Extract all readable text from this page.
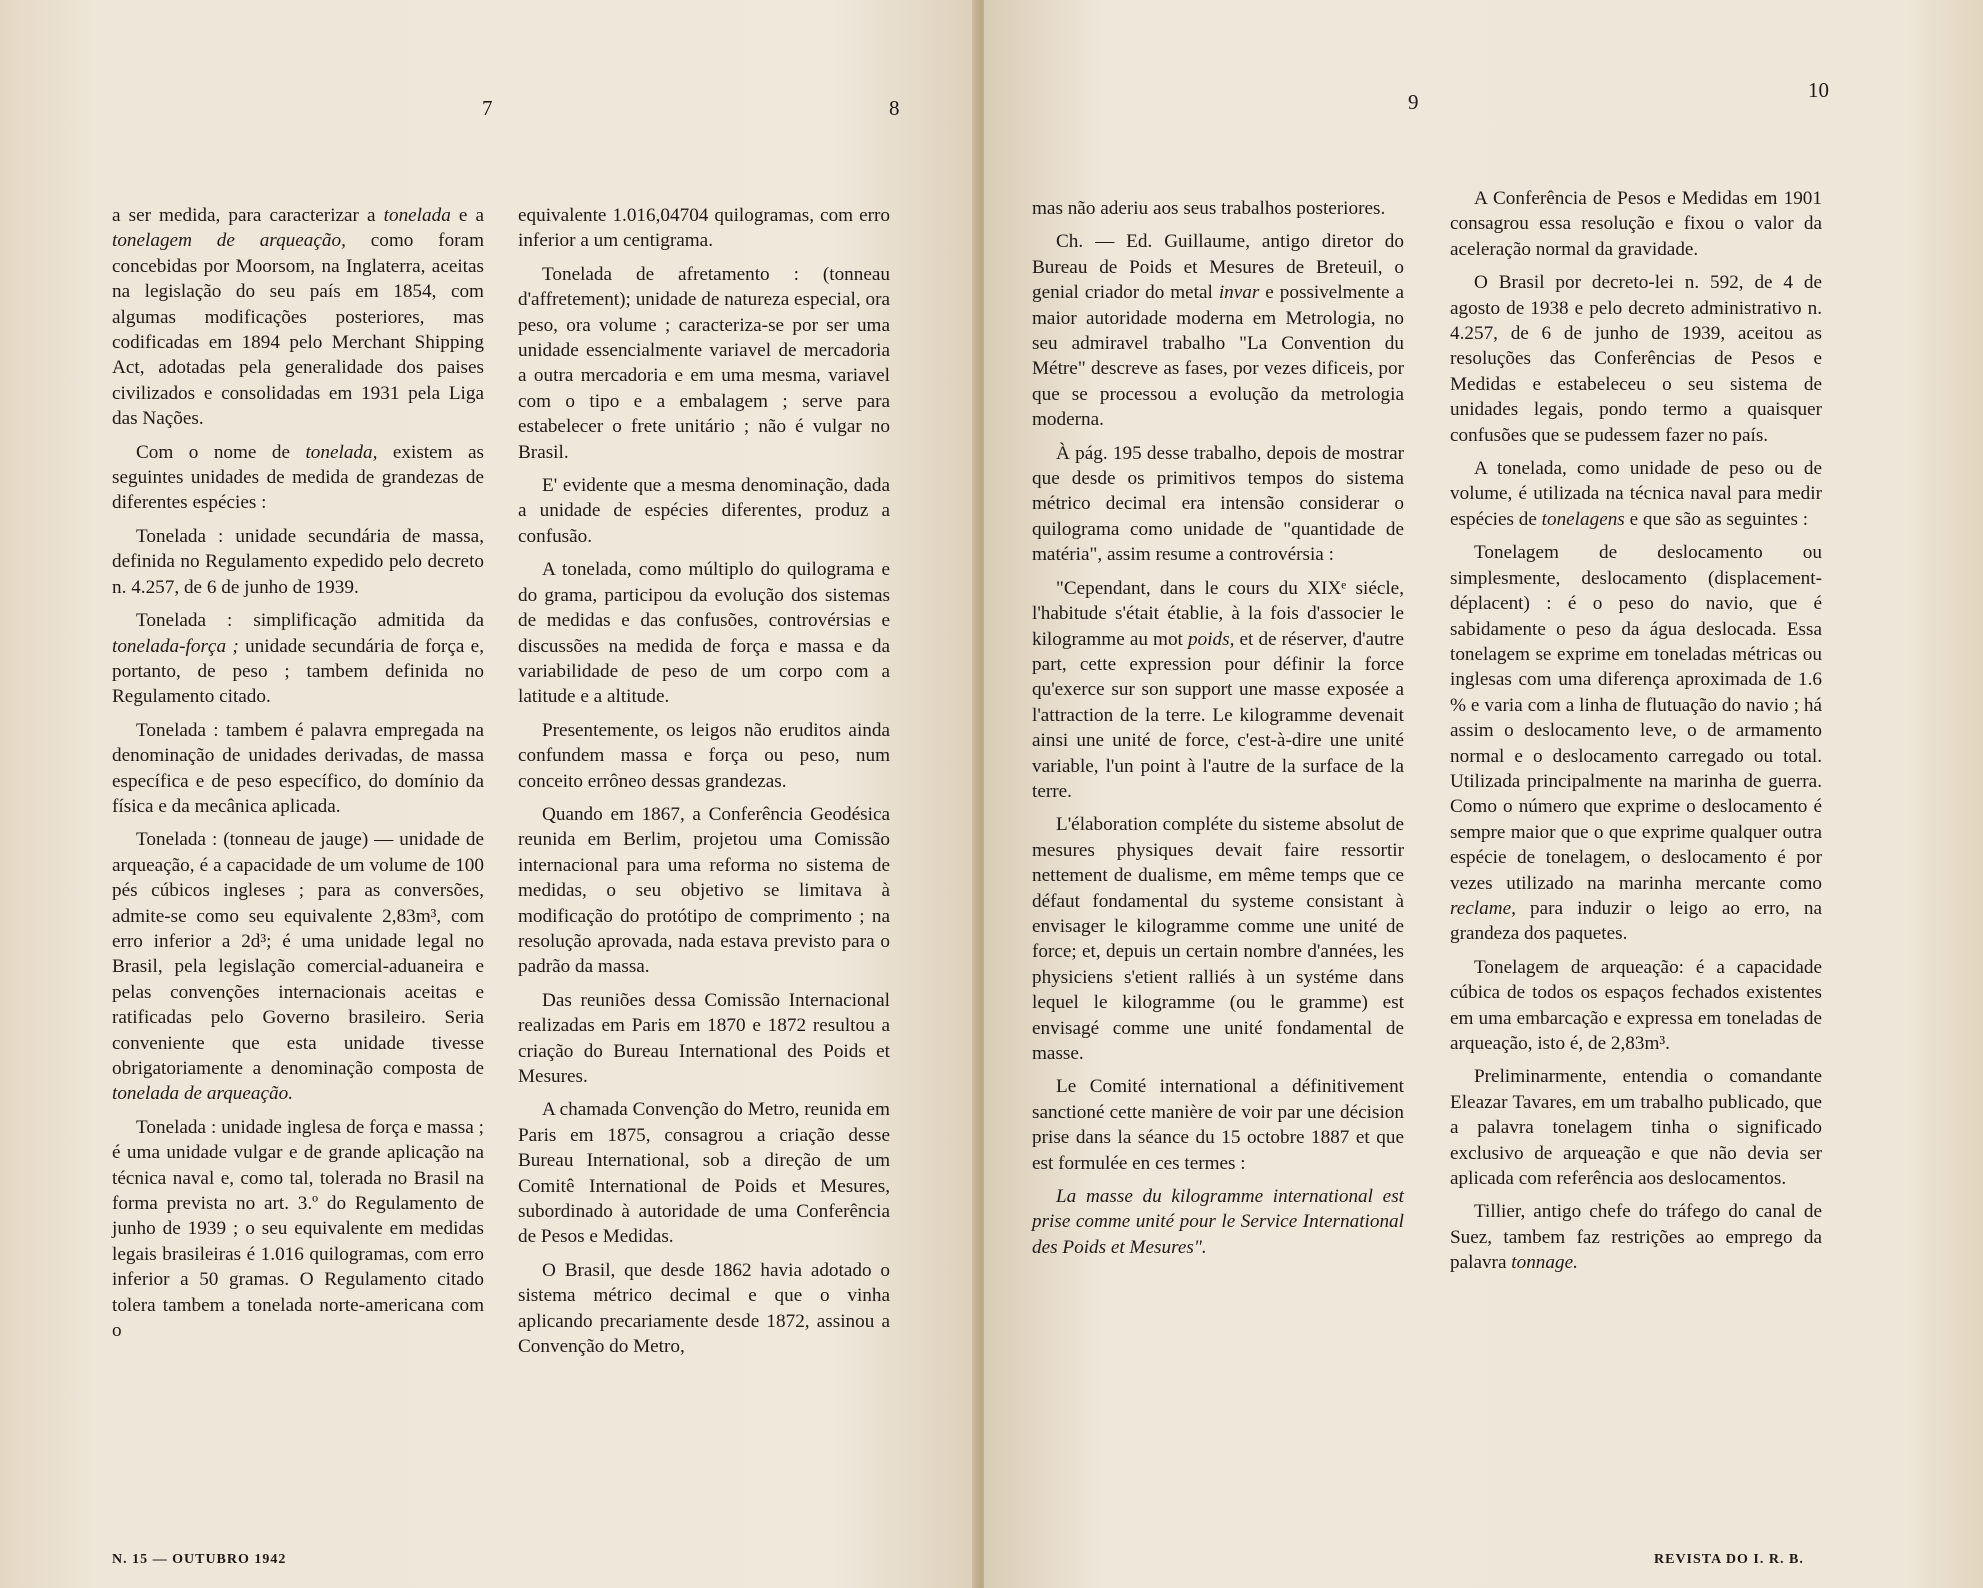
7	8

a ser medida, para caracterizar a tonelada e a tonelagem de arqueação, como foram concebidas por Moorsom, na Inglaterra, aceitas na legislação do seu país em 1854, com algumas modificações posteriores, mas codificadas em 1894 pelo Merchant Shipping Act, adotadas pela generalidade dos paises civilizados e consolidadas em 1931 pela Liga das Nações.

Com o nome de tonelada, existem as seguintes unidades de medida de grandezas de diferentes espécies :

Tonelada : unidade secundária de massa, definida no Regulamento expedido pelo decreto n. 4.257, de 6 de junho de 1939.

Tonelada : simplificação admitida da tonelada-força ; unidade secundária de força e, portanto, de peso ; tambem definida no Regulamento citado.

Tonelada : tambem é palavra empregada na denominação de unidades derivadas, de massa específica e de peso específico, do domínio da física e da mecânica aplicada.

Tonelada : (tonneau de jauge) — unidade de arqueação, é a capacidade de um volume de 100 pés cúbicos ingleses ; para as conversões, admite-se como seu equivalente 2,83m³, com erro inferior a 2d³; é uma unidade legal no Brasil, pela legislação comercial-aduaneira e pelas convenções internacionais aceitas e ratificadas pelo Governo brasileiro. Seria conveniente que esta unidade tivesse obrigatoriamente a denominação composta de tonelada de arqueação.

Tonelada : unidade inglesa de força e massa ; é uma unidade vulgar e de grande aplicação na técnica naval e, como tal, tolerada no Brasil na forma prevista no art. 3.º do Regulamento de junho de 1939 ; o seu equivalente em medidas legais brasileiras é 1.016 quilogramas, com erro inferior a 50 gramas. O Regulamento citado tolera tambem a tonelada norte-americana com o

equivalente 1.016,04704 quilogramas, com erro inferior a um centigrama.

Tonelada de afretamento : (tonneau d'affretement); unidade de natureza especial, ora peso, ora volume ; caracteriza-se por ser uma unidade essencialmente variavel de mercadoria a outra mercadoria e em uma mesma, variavel com o tipo e a embalagem ; serve para estabelecer o frete unitário ; não é vulgar no Brasil.

E' evidente que a mesma denominação, dada a unidade de espécies diferentes, produz a confusão.

A tonelada, como múltiplo do quilograma e do grama, participou da evolução dos sistemas de medidas e das confusões, controvérsias e discussões na medida de força e massa e da variabilidade de peso de um corpo com a latitude e a altitude.

Presentemente, os leigos não eruditos ainda confundem massa e força ou peso, num conceito errôneo dessas grandezas.

Quando em 1867, a Conferência Geodésica reunida em Berlim, projetou uma Comissão internacional para uma reforma no sistema de medidas, o seu objetivo se limitava à modificação do protótipo de comprimento ; na resolução aprovada, nada estava previsto para o padrão da massa.

Das reuniões dessa Comissão Internacional realizadas em Paris em 1870 e 1872 resultou a criação do Bureau International des Poids et Mesures.

A chamada Convenção do Metro, reunida em Paris em 1875, consagrou a criação desse Bureau International, sob a direção de um Comitê International de Poids et Mesures, subordinado à autoridade de uma Conferência de Pesos e Medidas.

O Brasil, que desde 1862 havia adotado o sistema métrico decimal e que o vinha aplicando precariamente desde 1872, assinou a Convenção do Metro,

N. 15 — OUTUBRO 1942
9	10

mas não aderiu aos seus trabalhos posteriores.

Ch. — Ed. Guillaume, antigo diretor do Bureau de Poids et Mesures de Breteuil, o genial criador do metal invar e possivelmente a maior autoridade moderna em Metrologia, no seu admiravel trabalho "La Convention du Métre" descreve as fases, por vezes dificeis, por que se processou a evolução da metrologia moderna.

À pág. 195 desse trabalho, depois de mostrar que desde os primitivos tempos do sistema métrico decimal era intensão considerar o quilograma como unidade de "quantidade de matéria", assim resume a controvérsia :

"Cependant, dans le cours du XIXᵉ siécle, l'habitude s'était établie, à la fois d'associer le kilogramme au mot poids, et de réserver, d'autre part, cette expression pour définir la force qu'exerce sur son support une masse exposée a l'attraction de la terre. Le kilogramme devenait ainsi une unité de force, c'est-à-dire une unité variable, l'un point à l'autre de la surface de la terre.

L'élaboration compléte du sisteme absolut de mesures physiques devait faire ressortir nettement de dualisme, em même temps que ce défaut fondamental du systeme consistant à envisager le kilogramme comme une unité de force; et, depuis un certain nombre d'années, les physiciens s'etient ralliés à un systéme dans lequel le kilogramme (ou le gramme) est envisagé comme une unité fondamental de masse.

Le Comité international a définitivement sanctioné cette manière de voir par une décision prise dans la séance du 15 octobre 1887 et que est formulée en ces termes :

La masse du kilogramme international est prise comme unité pour le Service International des Poids et Mesures".

A Conferência de Pesos e Medidas em 1901 consagrou essa resolução e fixou o valor da aceleração normal da gravidade.

O Brasil por decreto-lei n. 592, de 4 de agosto de 1938 e pelo decreto administrativo n. 4.257, de 6 de junho de 1939, aceitou as resoluções das Conferências de Pesos e Medidas e estabeleceu o seu sistema de unidades legais, pondo termo a quaisquer confusões que se pudessem fazer no país.

A tonelada, como unidade de peso ou de volume, é utilizada na técnica naval para medir espécies de tonelagens e que são as seguintes :

Tonelagem de deslocamento ou simplesmente, deslocamento (displacement-déplacent) : é o peso do navio, que é sabidamente o peso da água deslocada. Essa tonelagem se exprime em toneladas métricas ou inglesas com uma diferença aproximada de 1.6 % e varia com a linha de flutuação do navio ; há assim o deslocamento leve, o de armamento normal e o deslocamento carregado ou total. Utilizada principalmente na marinha de guerra. Como o número que exprime o deslocamento é sempre maior que o que exprime qualquer outra espécie de tonelagem, o deslocamento é por vezes utilizado na marinha mercante como reclame, para induzir o leigo ao erro, na grandeza dos paquetes.

Tonelagem de arqueação: é a capacidade cúbica de todos os espaços fechados existentes em uma embarcação e expressa em toneladas de arqueação, isto é, de 2,83m³.

Preliminarmente, entendia o comandante Eleazar Tavares, em um trabalho publicado, que a palavra tonelagem tinha o significado exclusivo de arqueação e que não devia ser aplicada com referência aos deslocamentos.

Tillier, antigo chefe do tráfego do canal de Suez, tambem faz restrições ao emprego da palavra tonnage.

REVISTA DO I. R. B.
